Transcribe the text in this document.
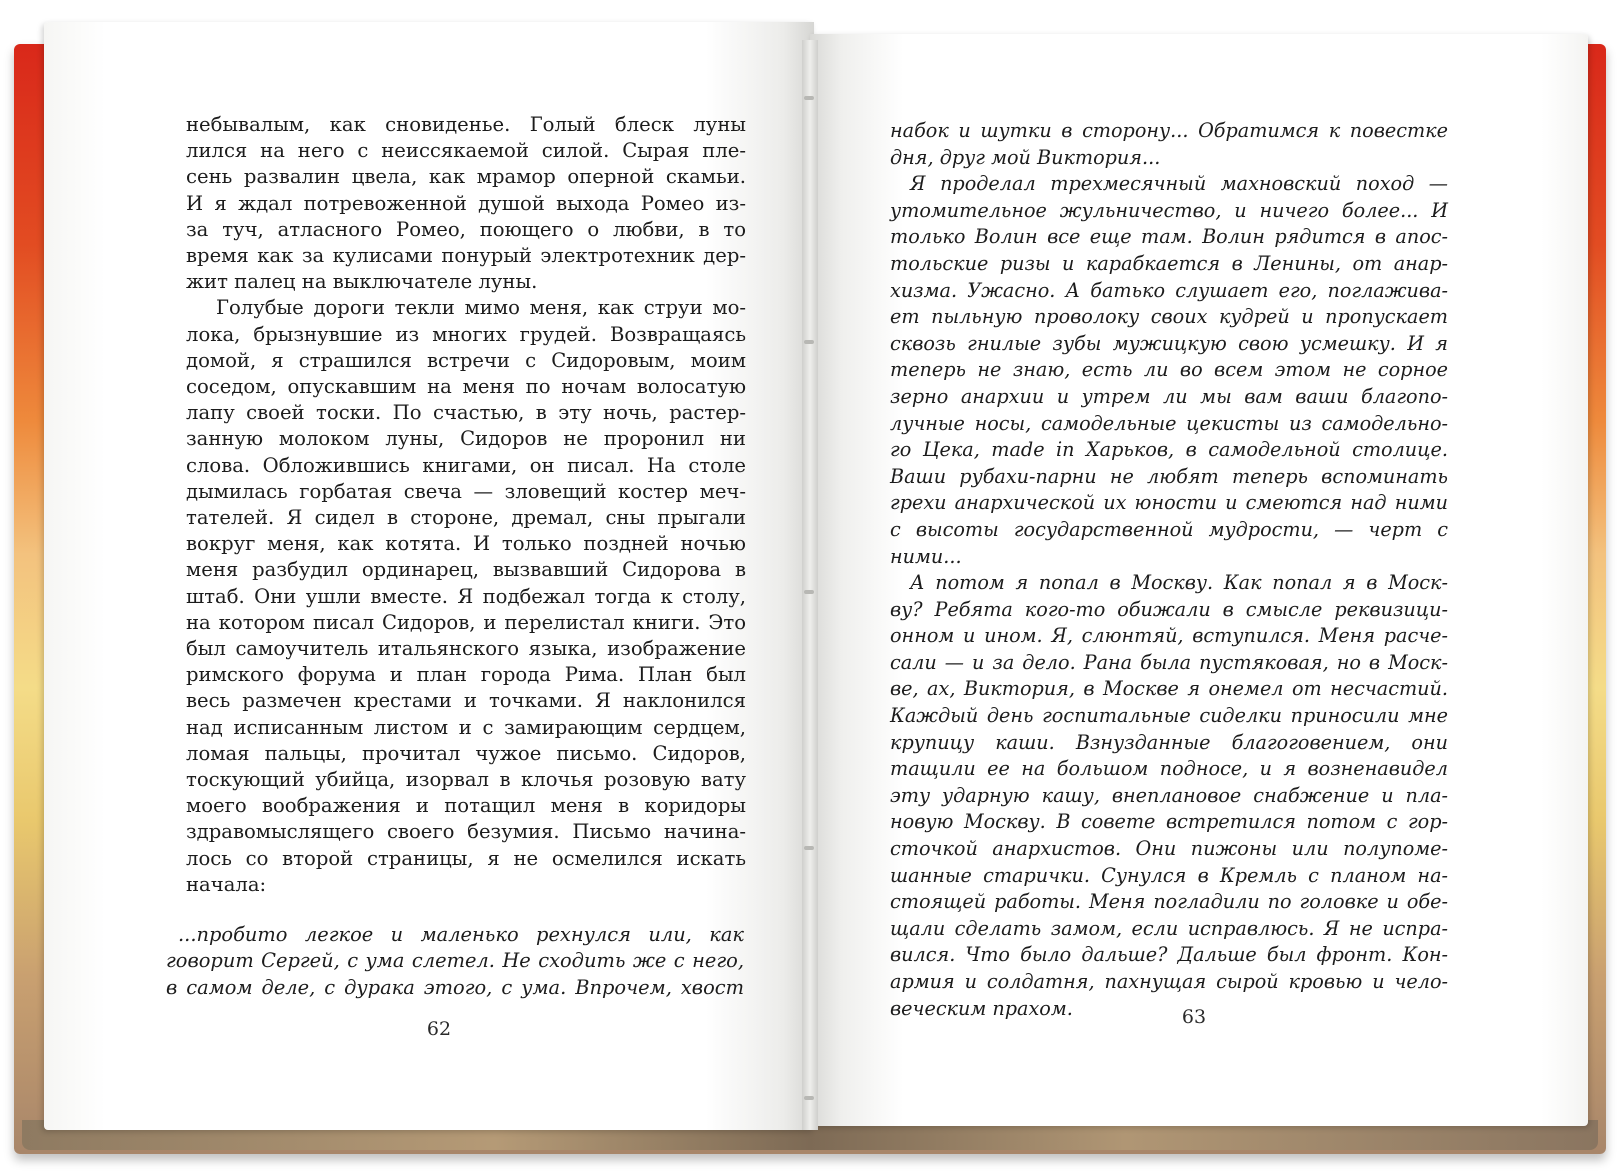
небывалым, как сновиденье. Голый блеск луны

лился на него с неиссякаемой силой. Сырая пле-

сень развалин цвела, как мрамор оперной скамьи.

И я ждал потревоженной душой выхода Ромео из-

за туч, атласного Ромео, поющего о любви, в то

время как за кулисами понурый электротехник дер-

жит палец на выключателе луны.

Голубые дороги текли мимо меня, как струи мо-

лока, брызнувшие из многих грудей. Возвращаясь

домой, я страшился встречи с Сидоровым, моим

соседом, опускавшим на меня по ночам волосатую

лапу своей тоски. По счастью, в эту ночь, растер-

занную молоком луны, Сидоров не проронил ни

слова. Обложившись книгами, он писал. На столе

дымилась горбатая свеча — зловещий костер меч-

тателей. Я сидел в стороне, дремал, сны прыгали

вокруг меня, как котята. И только поздней ночью

меня разбудил ординарец, вызвавший Сидорова в

штаб. Они ушли вместе. Я подбежал тогда к столу,

на котором писал Сидоров, и перелистал книги. Это

был самоучитель итальянского языка, изображение

римского форума и план города Рима. План был

весь размечен крестами и точками. Я наклонился

над исписанным листом и с замирающим сердцем,

ломая пальцы, прочитал чужое письмо. Сидоров,

тоскующий убийца, изорвал в клочья розовую вату

моего воображения и потащил меня в коридоры

здравомыслящего своего безумия. Письмо начина-

лось со второй страницы, я не осмелился искать

начала:

...пробито легкое и маленько рехнулся или, как

говорит Сергей, с ума слетел. Не сходить же с него,

в самом деле, с дурака этого, с ума. Впрочем, хвост

62

набок и шутки в сторону... Обратимся к повестке

дня, друг мой Виктория...

Я проделал трехмесячный махновский поход —

утомительное жульничество, и ничего более... И

только Волин все еще там. Волин рядится в апос-

тольские ризы и карабкается в Ленины, от анар-

хизма. Ужасно. А батько слушает его, поглажива-

ет пыльную проволоку своих кудрей и пропускает

сквозь гнилые зубы мужицкую свою усмешку. И я

теперь не знаю, есть ли во всем этом не сорное

зерно анархии и утрем ли мы вам ваши благопо-

лучные носы, самодельные цекисты из самодельно-

го Цека, made in Харьков, в самодельной столице.

Ваши рубахи-парни не любят теперь вспоминать

грехи анархической их юности и смеются над ними

с высоты государственной мудрости, — черт с

ними...

А потом я попал в Москву. Как попал я в Моск-

ву? Ребята кого-то обижали в смысле реквизици-

онном и ином. Я, слюнтяй, вступился. Меня расче-

сали — и за дело. Рана была пустяковая, но в Моск-

ве, ах, Виктория, в Москве я онемел от несчастий.

Каждый день госпитальные сиделки приносили мне

крупицу каши. Взнузданные благоговением, они

тащили ее на большом подносе, и я возненавидел

эту ударную кашу, внеплановое снабжение и пла-

новую Москву. В совете встретился потом с гор-

сточкой анархистов. Они пижоны или полупоме-

шанные старички. Сунулся в Кремль с планом на-

стоящей работы. Меня погладили по головке и обе-

щали сделать замом, если исправлюсь. Я не испра-

вился. Что было дальше? Дальше был фронт. Кон-

армия и солдатня, пахнущая сырой кровью и чело-

веческим прахом.	63
